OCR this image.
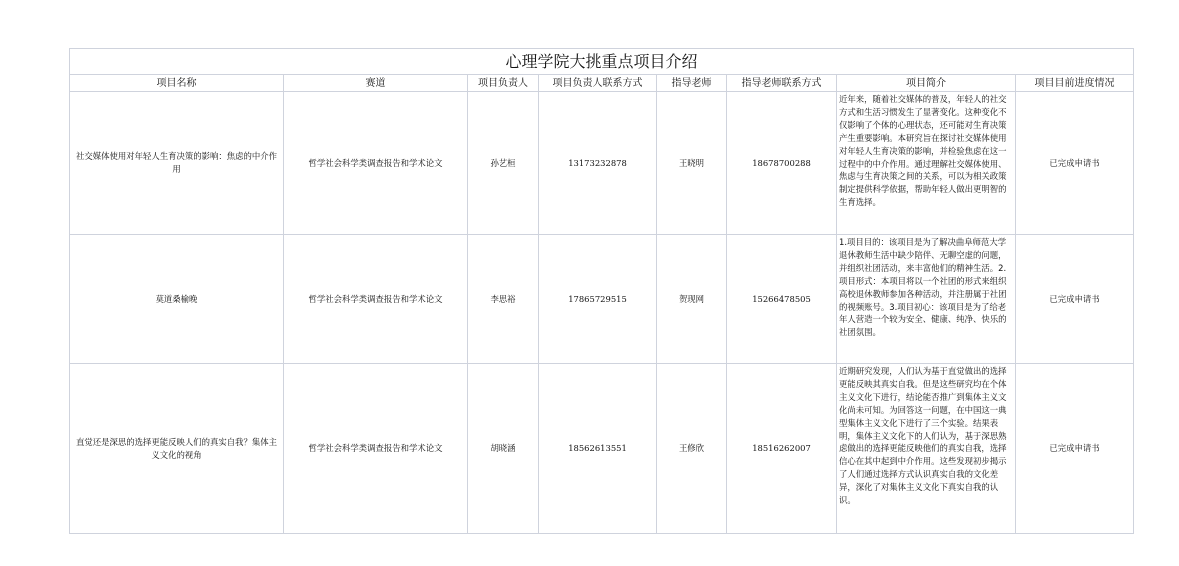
心理学院大挑重点项目介绍							
项目名称	赛道	项目负责人	项目负责人联系方式	指导老师	指导老师联系方式	项目简介	项目目前进度情况
社交媒体使用对年轻人生育决策的影响：焦虑的中介作用	哲学社会科学类调查报告和学术论文	孙艺桓	13173232878	王晓明	18678700288	近年来，随着社交媒体的普及，年轻人的社交方式和生活习惯发生了显著变化。这种变化不仅影响了个体的心理状态，还可能对生育决策产生重要影响。本研究旨在探讨社交媒体使用对年轻人生育决策的影响，并检验焦虑在这一过程中的中介作用。通过理解社交媒体使用、焦虑与生育决策之间的关系，可以为相关政策制定提供科学依据，帮助年轻人做出更明智的生育选择。	已完成申请书
莫道桑榆晚	哲学社会科学类调查报告和学术论文	李思裕	17865729515	贺现网	15266478505	1.项目目的：该项目是为了解决曲阜师范大学退休教师生活中缺少陪伴、无聊空虚的问题，并组织社团活动，来丰富他们的精神生活。2.项目形式：本项目将以一个社团的形式来组织高校退休教师参加各种活动，并注册属于社团的视频账号。3.项目初心：该项目是为了给老年人营造一个较为安全、健康、纯净、快乐的社团氛围。	已完成申请书
直觉还是深思的选择更能反映人们的真实自我？集体主义文化的视角	哲学社会科学类调查报告和学术论文	胡晓涵	18562613551	王修欣	18516262007	近期研究发现，人们认为基于直觉做出的选择更能反映其真实自我。但是这些研究均在个体主义文化下进行，结论能否推广到集体主义文化尚未可知。为回答这一问题，在中国这一典型集体主义文化下进行了三个实验。结果表明，集体主义文化下的人们认为，基于深思熟虑做出的选择更能反映他们的真实自我，选择信心在其中起到中介作用。这些发现初步揭示了人们通过选择方式认识真实自我的文化差异，深化了对集体主义文化下真实自我的认识。	已完成申请书
